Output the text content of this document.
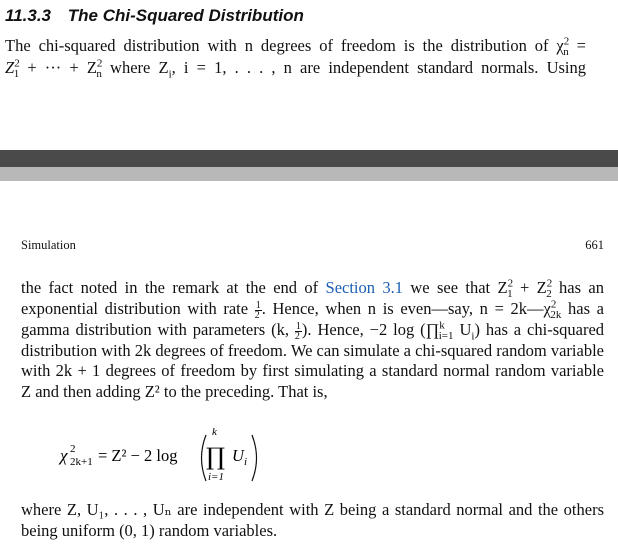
11.3.3 The Chi-Squared Distribution
The chi-squared distribution with n degrees of freedom is the distribution of $\chi^2_n$ =
$Z^2_1$ + ··· + $Z^2_n$ where $Z_i$, i = 1, . . . , n are independent standard normals. Using
Simulation	661
the fact noted in the remark at the end of Section 3.1 we see that $Z^2_1 + Z^2_2$ has an
exponential distribution with rate $\frac{1}{2}$ . Hence, when n is even—say, $n = 2k—\chi^2_{2k}$ has a
gamma distribution with parameters (k, $\frac{1}{2}$ ). Hence, −2 log (∏$^k_{i=1}$ $U_i$) has a chi-squared
distribution with 2k degrees of freedom. We can simulate a chi-squared random variable
with 2k + 1 degrees of freedom by first simulating a standard normal random variable
Z and then adding Z² to the preceding. That is,
χ 2
2k+1 = Z² − 2 log
k
∏
i=1
U i
where Z, U₁, . . . , Uₙ are independent with Z being a standard normal and the others
being uniform (0, 1) random variables.
